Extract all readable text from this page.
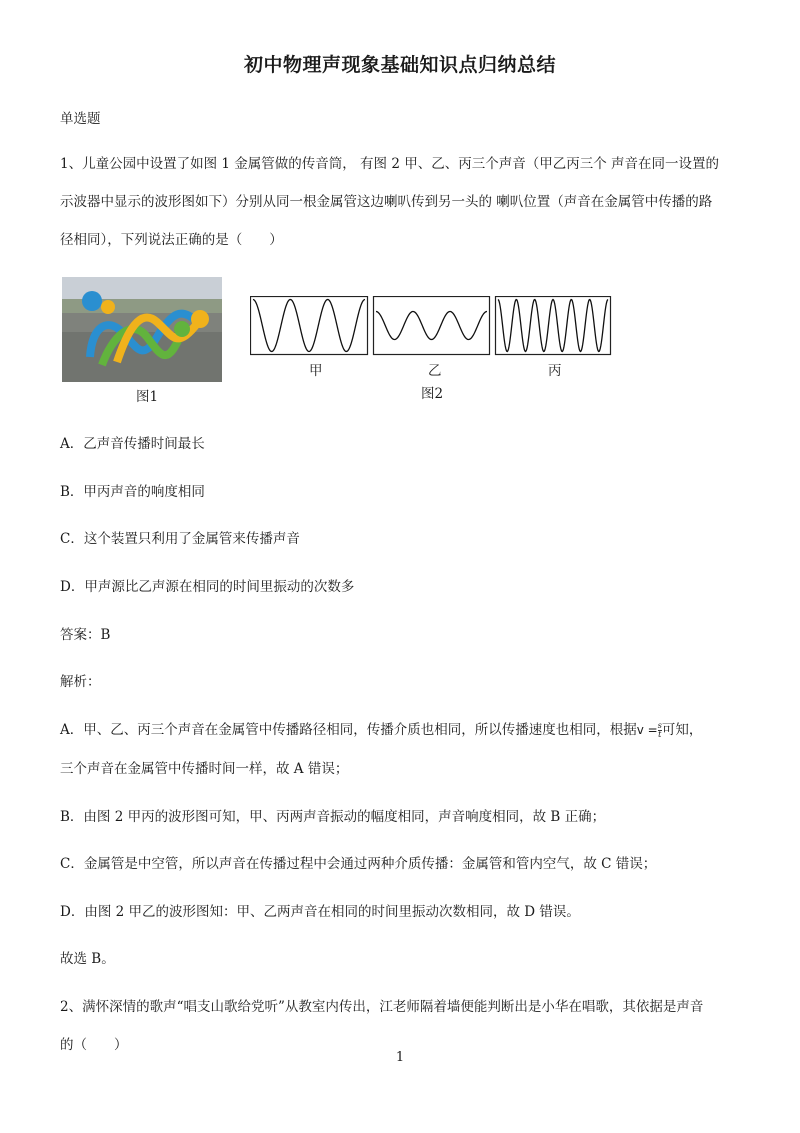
初中物理声现象基础知识点归纳总结
单选题
1、儿童公园中设置了如图 1 金属管做的传音筒， 有图 2 甲、乙、丙三个声音（甲乙丙三个 声音在同一设置的
示波器中显示的波形图如下）分别从同一根金属管这边喇叭传到另一头的 喇叭位置（声音在金属管中传播的路
径相同），下列说法正确的是（　　）
图1
甲	乙	丙
图2
A．乙声音传播时间最长
B．甲丙声音的响度相同
C．这个装置只利用了金属管来传播声音
D．甲声源比乙声源在相同的时间里振动的次数多
答案：B
解析：
A．甲、乙、丙三个声音在金属管中传播路径相同，传播介质也相同，所以传播速度也相同，根据$v = \frac{s}{t}$ 可知，
三个声音在金属管中传播时间一样，故 A 错误；
B．由图 2 甲丙的波形图可知，甲、丙两声音振动的幅度相同，声音响度相同，故 B 正确；
C．金属管是中空管，所以声音在传播过程中会通过两种介质传播：金属管和管内空气，故 C 错误；
D．由图 2 甲乙的波形图知：甲、乙两声音在相同的时间里振动次数相同，故 D 错误。
故选 B。
2、满怀深情的歌声“唱支山歌给党听”从教室内传出，江老师隔着墙便能判断出是小华在唱歌，其依据是声音
的（　　）
1
